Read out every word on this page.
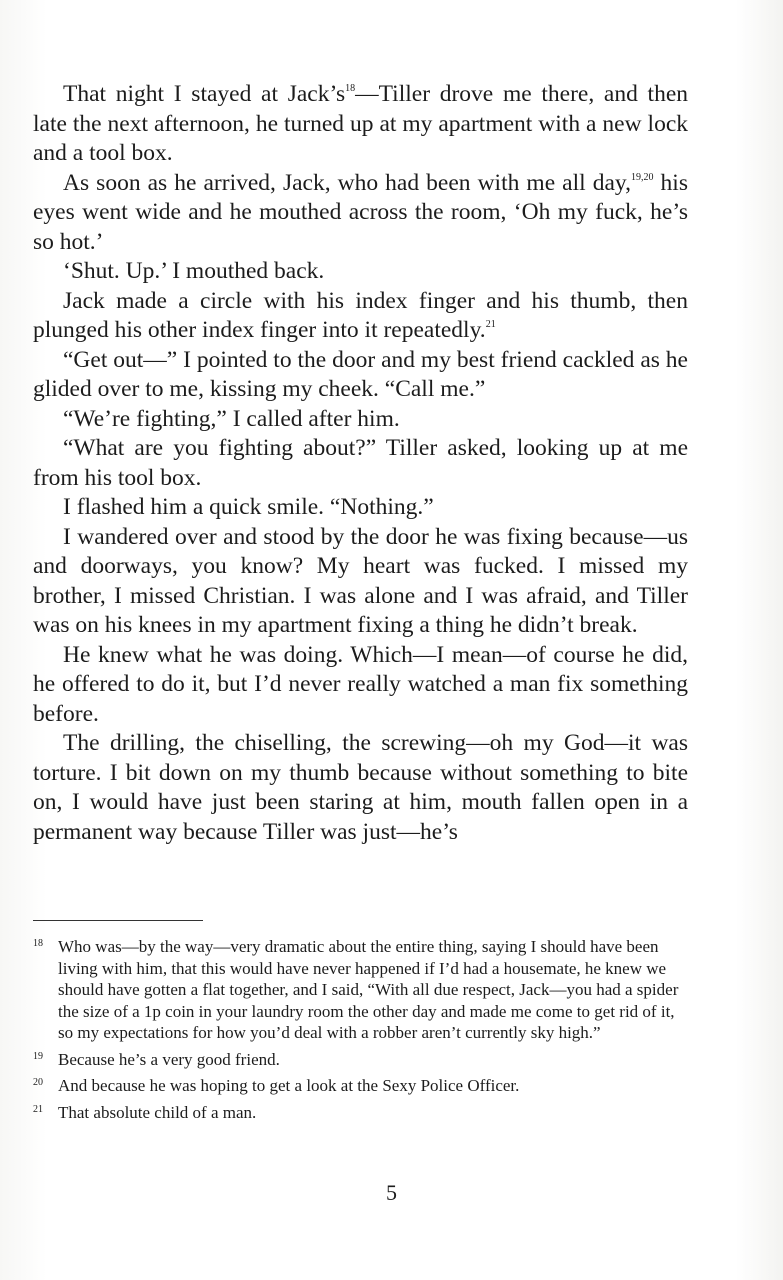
That night I stayed at $Jack’s^{18}—Tiller$ drove me there, and then late the next afternoon, he turned up at my apartment with a new lock and a tool box.

As soon as he arrived, Jack, who had been with me all day,$^{19,20}$ his eyes went wide and he mouthed across the room, ‘Oh my fuck, he’s so hot.’

‘Shut. Up.’ I mouthed back.

Jack made a circle with his index finger and his thumb, then plunged his other index finger into it repeatedly.$^{21}$

“Get out—” I pointed to the door and my best friend cackled as he glided over to me, kissing my cheek. “Call me.”

“We’re fighting,” I called after him.

“What are you fighting about?” Tiller asked, looking up at me from his tool box.

I flashed him a quick smile. “Nothing.”

I wandered over and stood by the door he was fixing because—us and doorways, you know? My heart was fucked. I missed my brother, I missed Christian. I was alone and I was afraid, and Tiller was on his knees in my apartment fixing a thing he didn’t break.

He knew what he was doing. Which—I mean—of course he did, he offered to do it, but I’d never really watched a man fix something before.

The drilling, the chiselling, the screwing—oh my God—it was torture. I bit down on my thumb because without something to bite on, I would have just been staring at him, mouth fallen open in a permanent way because Tiller was just—he’s

18 Who was—by the way—very dramatic about the entire thing, saying I should have been living with him, that this would have never happened if I’d had a housemate, he knew we should have gotten a flat together, and I said, “With all due respect, Jack—you had a spider the size of a 1p coin in your laundry room the other day and made me come to get rid of it, so my expectations for how you’d deal with a robber aren’t currently sky high.”
19 Because he’s a very good friend.
20 And because he was hoping to get a look at the Sexy Police Officer.
21 That absolute child of a man.
5
